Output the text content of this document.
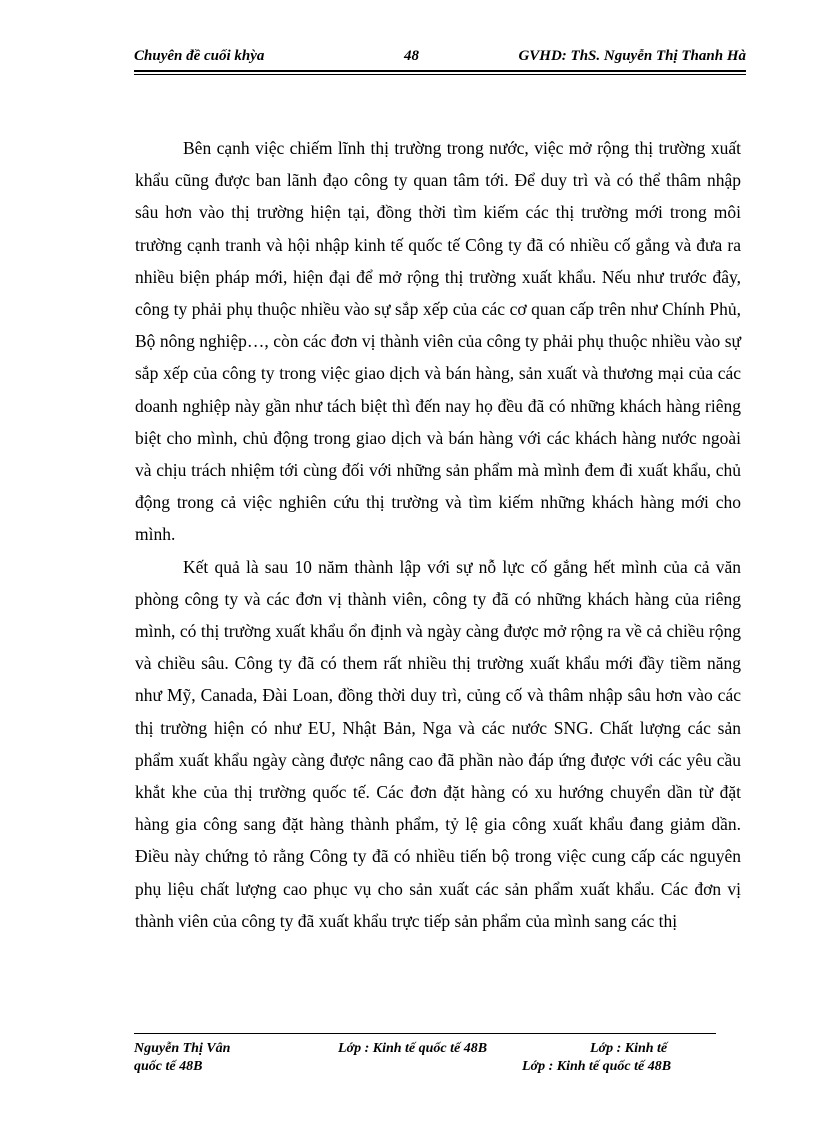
Chuyên đề cuối khỳa	48	GVHD: ThS. Nguyễn Thị Thanh Hà

Bên cạnh việc chiếm lĩnh thị trường trong nước, việc mở rộng thị trường xuất khẩu cũng được ban lãnh đạo công ty quan tâm tới. Để duy trì và có thể thâm nhập sâu hơn vào thị trường hiện tại, đồng thời tìm kiếm các thị trường mới trong môi trường cạnh tranh và hội nhập kinh tế quốc tế Công ty đã có nhiều cố gắng và đưa ra nhiều biện pháp mới, hiện đại để mở rộng thị trường xuất khẩu. Nếu như trước đây, công ty phải phụ thuộc nhiều vào sự sắp xếp của các cơ quan cấp trên như Chính Phủ, Bộ nông nghiệp…, còn các đơn vị thành viên của công ty phải phụ thuộc nhiều vào sự sắp xếp của công ty trong việc giao dịch và bán hàng, sản xuất và thương mại của các doanh nghiệp này gần như tách biệt thì đến nay họ đều đã có những khách hàng riêng biệt cho mình, chủ động trong giao dịch và bán hàng với các khách hàng nước ngoài và chịu trách nhiệm tới cùng đối với những sản phẩm mà mình đem đi xuất khẩu, chủ động trong cả việc nghiên cứu thị trường và tìm kiếm những khách hàng mới cho mình.

Kết quả là sau 10 năm thành lập với sự nỗ lực cố gắng hết mình của cả văn phòng công ty và các đơn vị thành viên, công ty đã có những khách hàng của riêng mình, có thị trường xuất khẩu ổn định và ngày càng được mở rộng ra về cả chiều rộng và chiều sâu. Công ty đã có them rất nhiều thị trường xuất khẩu mới đầy tiềm năng như Mỹ, Canada, Đài Loan, đồng thời duy trì, củng cố và thâm nhập sâu hơn vào các thị trường hiện có như EU, Nhật Bản, Nga và các nước SNG. Chất lượng các sản phẩm xuất khẩu ngày càng được nâng cao đã phần nào đáp ứng được với các yêu cầu khắt khe của thị trường quốc tế. Các đơn đặt hàng có xu hướng chuyển dần từ đặt hàng gia công sang đặt hàng thành phẩm, tỷ lệ gia công xuất khẩu đang giảm dần. Điều này chứng tỏ rằng Công ty đã có nhiều tiến bộ trong việc cung cấp các nguyên phụ liệu chất lượng cao phục vụ cho sản xuất các sản phẩm xuất khẩu. Các đơn vị thành viên của công ty đã xuất khẩu trực tiếp sản phẩm của mình sang các thị

Nguyễn Thị Vân	Lớp : Kinh tế quốc tế 48B	Lớp : Kinh tế
quốc tế 48B	Lớp : Kinh tế quốc tế 48B
